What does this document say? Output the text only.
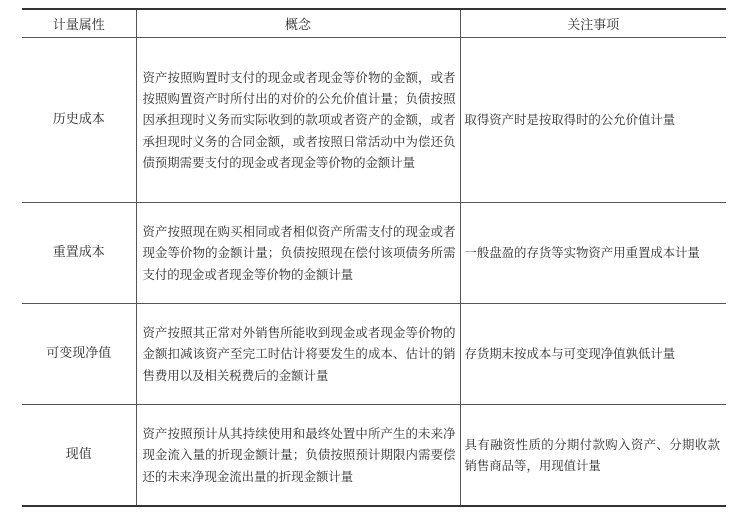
计量属性	概念	关注事项
历史成本	资产按照购置时支付的现金或者现金等价物的金额，或者按照购置资产时所付出的对价的公允价值计量；负债按照因承担现时义务而实际收到的款项或者资产的金额，或者承担现时义务的合同金额，或者按照日常活动中为偿还负债预期需要支付的现金或者现金等价物的金额计量	取得资产时是按取得时的公允价值计量
重置成本	资产按照现在购买相同或者相似资产所需支付的现金或者现金等价物的金额计量；负债按照现在偿付该项债务所需支付的现金或者现金等价物的金额计量	一般盘盈的存货等实物资产用重置成本计量
可变现净值	资产按照其正常对外销售所能收到现金或者现金等价物的金额扣减该资产至完工时估计将要发生的成本、估计的销售费用以及相关税费后的金额计量	存货期末按成本与可变现净值孰低计量
现值	资产按照预计从其持续使用和最终处置中所产生的未来净现金流入量的折现金额计量；负债按照预计期限内需要偿还的未来净现金流出量的折现金额计量	具有融资性质的分期付款购入资产、分期收款销售商品等，用现值计量
